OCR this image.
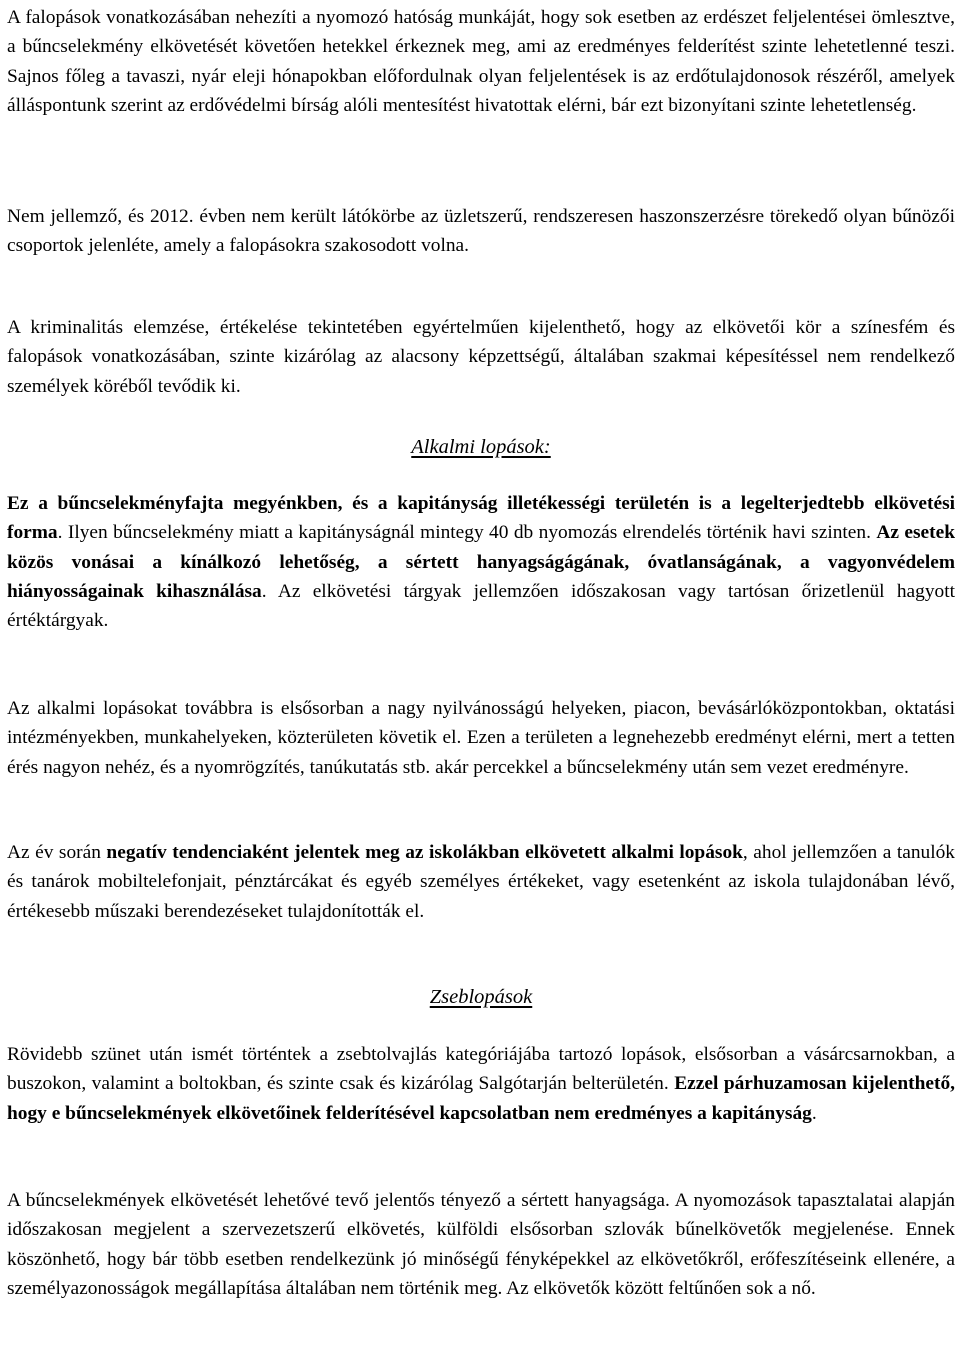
A falopások vonatkozásában nehezíti a nyomozó hatóság munkáját, hogy sok esetben az erdészet feljelentései ömlesztve, a bűncselekmény elkövetését követően hetekkel érkeznek meg, ami az eredményes felderítést szinte lehetetlenné teszi. Sajnos főleg a tavaszi, nyár eleji hónapokban előfordulnak olyan feljelentések is az erdőtulajdonosok részéről, amelyek álláspontunk szerint az erdővédelmi bírság alóli mentesítést hivatottak elérni, bár ezt bizonyítani szinte lehetetlenség.

Nem jellemző, és 2012. évben nem került látókörbe az üzletszerű, rendszeresen haszonszerzésre törekedő olyan bűnözői csoportok jelenléte, amely a falopásokra szakosodott volna.

A kriminalitás elemzése, értékelése tekintetében egyértelműen kijelenthető, hogy az elkövetői kör a színesfém és falopások vonatkozásában, szinte kizárólag az alacsony képzettségű, általában szakmai képesítéssel nem rendelkező személyek köréből tevődik ki.

Alkalmi lopások:

Ez a bűncselekményfajta megyénkben, és a kapitányság illetékességi területén is a legelterjedtebb elkövetési forma. Ilyen bűncselekmény miatt a kapitányságnál mintegy 40 db nyomozás elrendelés történik havi szinten. Az esetek közös vonásai a kínálkozó lehetőség, a sértett hanyagságágának, óvatlanságának, a vagyonvédelem hiányosságainak kihasználása. Az elkövetési tárgyak jellemzően időszakosan vagy tartósan őrizetlenül hagyott értéktárgyak.

Az alkalmi lopásokat továbbra is elsősorban a nagy nyilvánosságú helyeken, piacon, bevásárlóközpontokban, oktatási intézményekben, munkahelyeken, közterületen követik el. Ezen a területen a legnehezebb eredményt elérni, mert a tetten érés nagyon nehéz, és a nyomrögzítés, tanúkutatás stb. akár percekkel a bűncselekmény után sem vezet eredményre.

Az év során negatív tendenciaként jelentek meg az iskolákban elkövetett alkalmi lopások, ahol jellemzően a tanulók és tanárok mobiltelefonjait, pénztárcákat és egyéb személyes értékeket, vagy esetenként az iskola tulajdonában lévő, értékesebb műszaki berendezéseket tulajdonították el.

Zseblopások

Rövidebb szünet után ismét történtek a zsebtolvajlás kategóriájába tartozó lopások, elsősorban a vásárcsarnokban, a buszokon, valamint a boltokban, és szinte csak és kizárólag Salgótarján belterületén. Ezzel párhuzamosan kijelenthető, hogy e bűncselekmények elkövetőinek felderítésével kapcsolatban nem eredményes a kapitányság.

A bűncselekmények elkövetését lehetővé tevő jelentős tényező a sértett hanyagsága. A nyomozások tapasztalatai alapján időszakosan megjelent a szervezetszerű elkövetés, külföldi elsősorban szlovák bűnelkövetők megjelenése. Ennek köszönhető, hogy bár több esetben rendelkezünk jó minőségű fényképekkel az elkövetőkről, erőfeszítéseink ellenére, a személyazonosságok megállapítása általában nem történik meg. Az elkövetők között feltűnően sok a nő.
